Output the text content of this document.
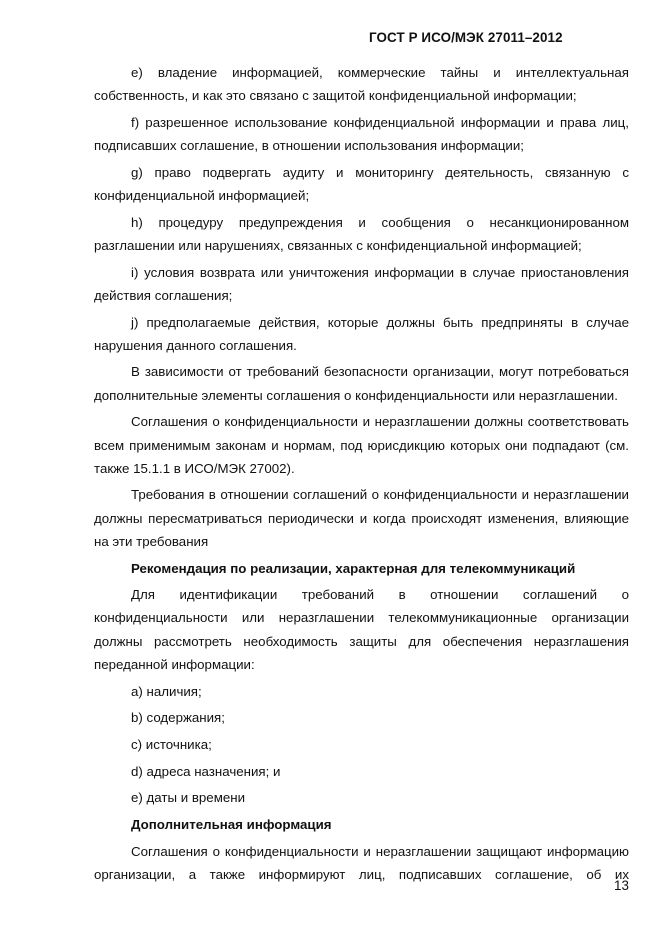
ГОСТ Р ИСО/МЭК 27011–2012

e) владение информацией, коммерческие тайны и интеллектуальная собственность, и как это связано с защитой конфиденциальной информации;

f) разрешенное использование конфиденциальной информации и права лиц, подписавших соглашение, в отношении использования информации;

g) право подвергать аудиту и мониторингу деятельность, связанную с конфиденциальной информацией;

h) процедуру предупреждения и сообщения о несанкционированном разглашении или нарушениях, связанных с конфиденциальной информацией;

i) условия возврата или уничтожения информации в случае приостановления действия соглашения;

j) предполагаемые действия, которые должны быть предприняты в случае нарушения данного соглашения.

В зависимости от требований безопасности организации, могут потребоваться дополнительные элементы соглашения о конфиденциальности или неразглашении.

Соглашения о конфиденциальности и неразглашении должны соответствовать всем применимым законам и нормам, под юрисдикцию которых они подпадают (см. также 15.1.1 в ИСО/МЭК 27002).

Требования в отношении соглашений о конфиденциальности и неразглашении должны пересматриваться периодически и когда происходят изменения, влияющие на эти требования

Рекомендация по реализации, характерная для телекоммуникаций

Для идентификации требований в отношении соглашений о конфиденциальности или неразглашении телекоммуникационные организации должны рассмотреть необходимость защиты для обеспечения неразглашения переданной информации:

a) наличия;

b) содержания;

c) источника;

d) адреса назначения; и

e) даты и времени

Дополнительная информация

Соглашения о конфиденциальности и неразглашении защищают информацию организации, а также информируют лиц, подписавших соглашение, об их

13
